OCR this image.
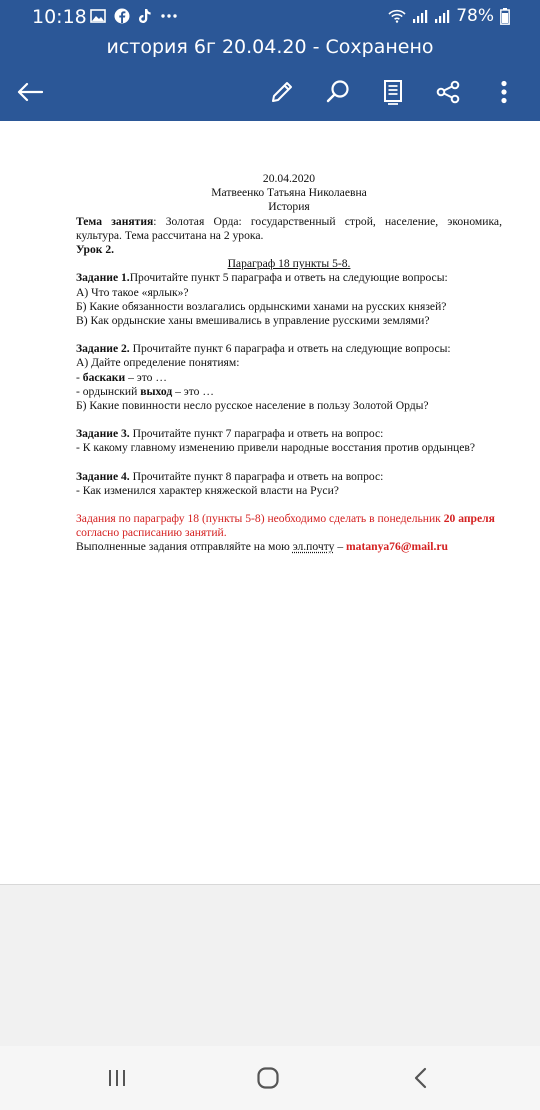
10:18	78%
история 6г 20.04.20 - Сохранено
20.04.2020
Матвеенко Татьяна Николаевна
История
Тема занятия: Золотая Орда: государственный строй, население, экономика, культура. Тема рассчитана на 2 урока.
Урок 2.
Параграф 18 пункты 5-8.
Задание 1.Прочитайте пункт 5 параграфа и ответь на следующие вопросы:
А) Что такое «ярлык»?
Б) Какие обязанности возлагались ордынскими ханами на русских князей?
В) Как ордынские ханы вмешивались в управление русскими землями?
Задание 2. Прочитайте пункт 6 параграфа и ответь на следующие вопросы:
А) Дайте определение понятиям:
- баскаки – это …
- ордынский выход – это …
Б) Какие повинности несло русское население в пользу Золотой Орды?
Задание 3. Прочитайте пункт 7 параграфа и ответь на вопрос:
- К какому главному изменению привели народные восстания против ордынцев?
Задание 4. Прочитайте пункт 8 параграфа и ответь на вопрос:
- Как изменился характер княжеской власти на Руси?
Задания по параграфу 18 (пункты 5-8) необходимо сделать в понедельник 20 апреля согласно расписанию занятий.
Выполненные задания отправляйте на мою эл.почту – matanya76@mail.ru
